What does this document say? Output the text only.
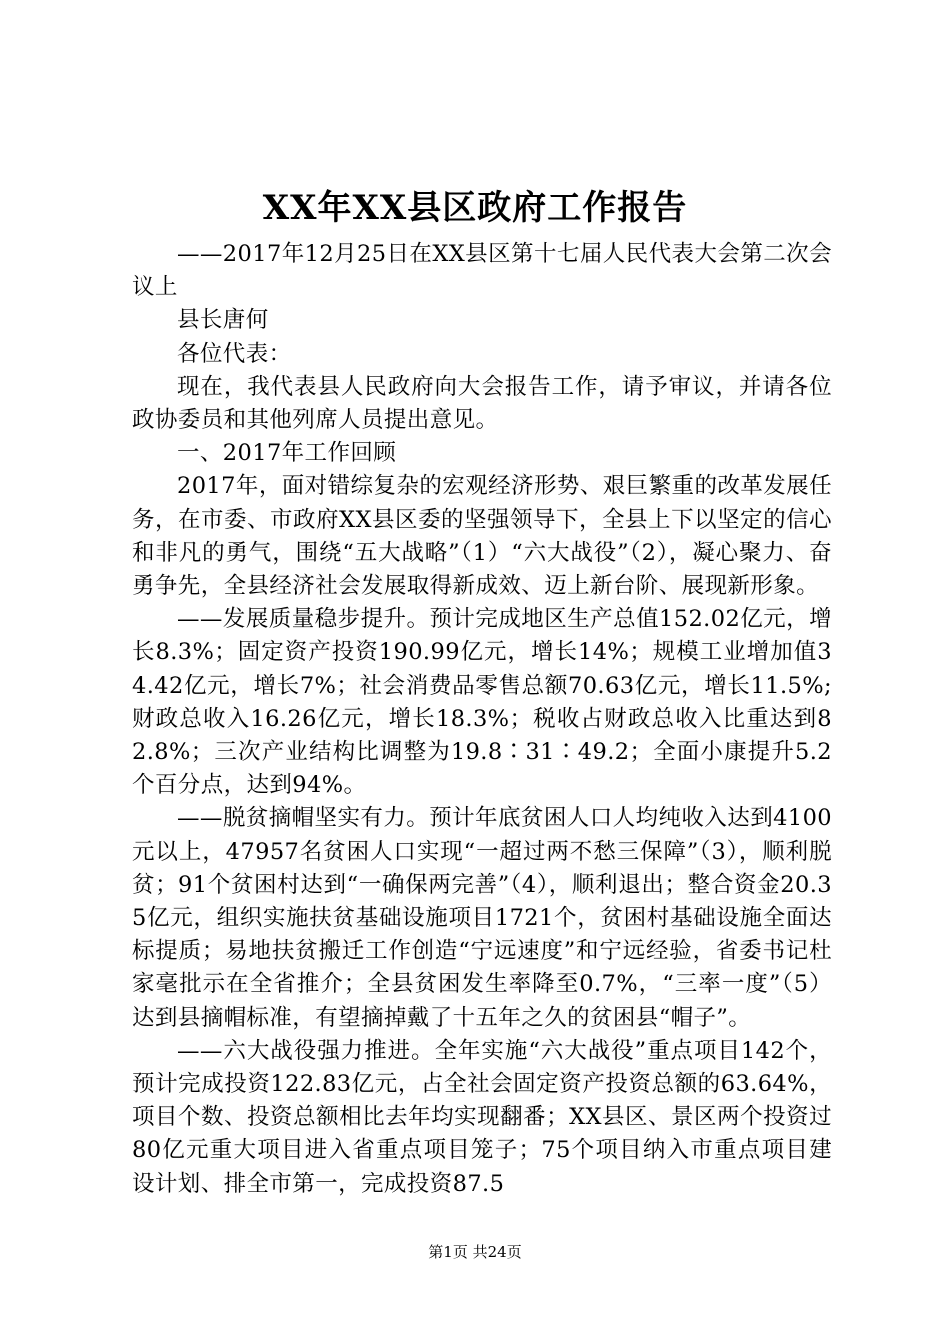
XX年XX县区政府工作报告

——2017年12月25日在XX县区第十七届人民代表大会第二次会议上

县长唐何

各位代表：

现在，我代表县人民政府向大会报告工作，请予审议，并请各位政协委员和其他列席人员提出意见。

一、2017年工作回顾

2017年，面对错综复杂的宏观经济形势、艰巨繁重的改革发展任务，在市委、市政府XX县区委的坚强领导下，全县上下以坚定的信心和非凡的勇气，围绕“五大战略”（1）“六大战役”（2），凝心聚力、奋勇争先，全县经济社会发展取得新成效、迈上新台阶、展现新形象。

——发展质量稳步提升。预计完成地区生产总值152.02亿元，增长8.3%；固定资产投资190.99亿元，增长14%；规模工业增加值34.42亿元，增长7%；社会消费品零售总额70.63亿元，增长11.5%;财政总收入16.26亿元，增长18.3%；税收占财政总收入比重达到82.8%；三次产业结构比调整为19.8∶31∶49.2；全面小康提升5.2个百分点，达到94%。

——脱贫摘帽坚实有力。预计年底贫困人口人均纯收入达到4100元以上，47957名贫困人口实现“一超过两不愁三保障”（3），顺利脱贫；91个贫困村达到“一确保两完善”（4），顺利退出；整合资金20.35亿元，组织实施扶贫基础设施项目1721个，贫困村基础设施全面达标提质；易地扶贫搬迁工作创造“宁远速度”和宁远经验，省委书记杜家毫批示在全省推介；全县贫困发生率降至0.7%，“三率一度”（5）达到县摘帽标准，有望摘掉戴了十五年之久的贫困县“帽子”。

——六大战役强力推进。全年实施“六大战役”重点项目142个，预计完成投资122.83亿元，占全社会固定资产投资总额的63.64%，项目个数、投资总额相比去年均实现翻番；XX县区、景区两个投资过80亿元重大项目进入省重点项目笼子；75个项目纳入市重点项目建设计划、排全市第一，完成投资87.5

第1页 共24页
